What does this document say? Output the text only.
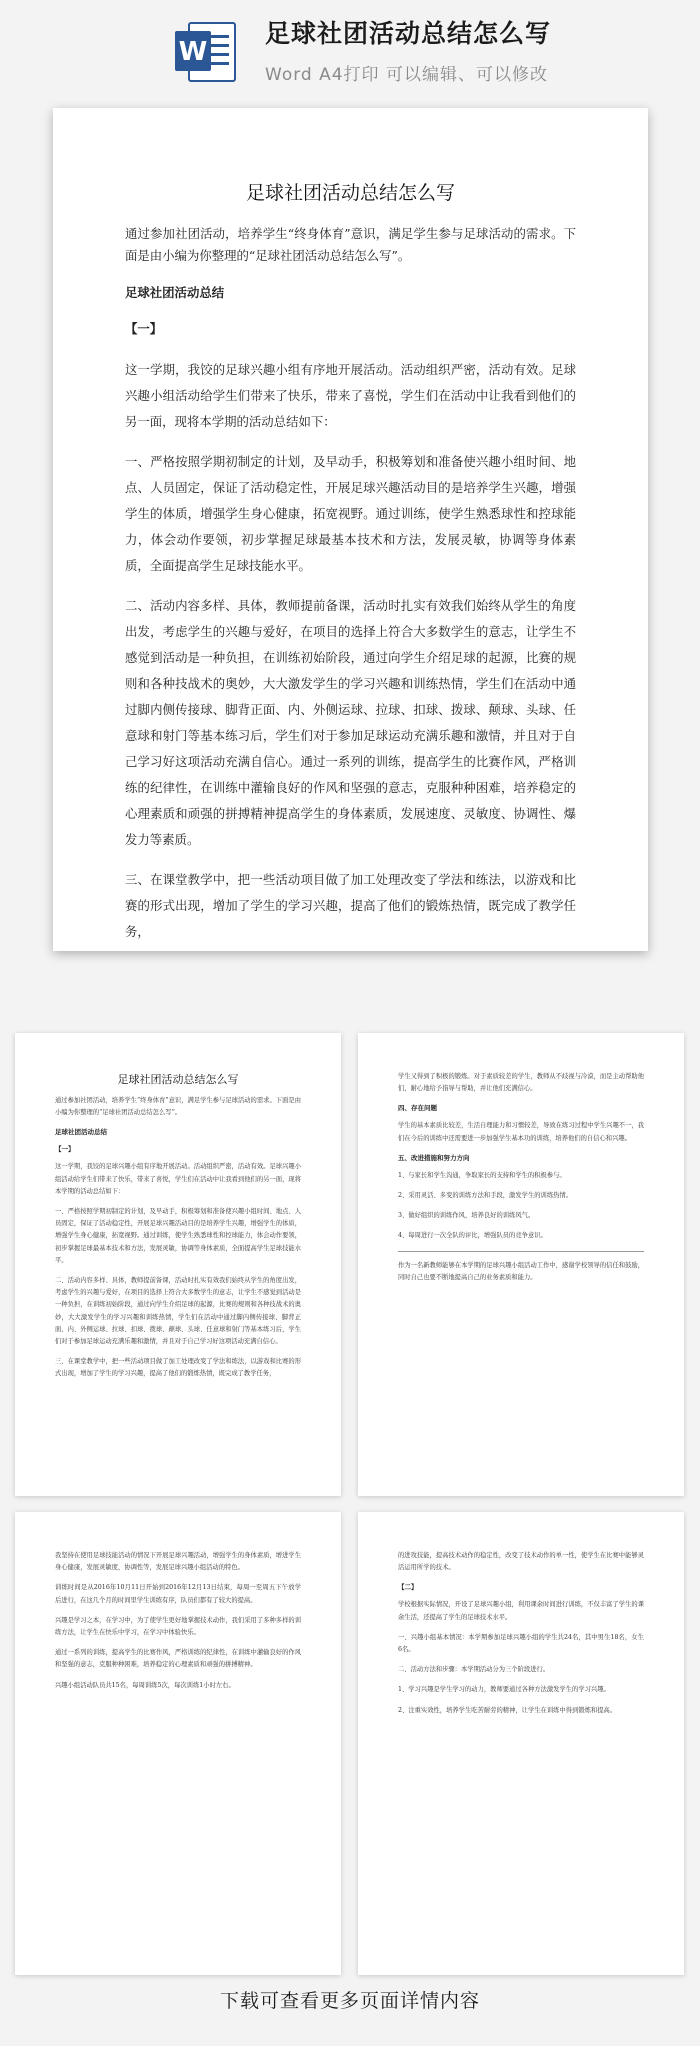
W
足球社团活动总结怎么写
Word A4打印 可以编辑、可以修改
足球社团活动总结怎么写

通过参加社团活动，培养学生“终身体育”意识，满足学生参与足球活动的需求。下面是由小编为你整理的“足球社团活动总结怎么写”。

足球社团活动总结
【一】

这一学期，我饺的足球兴趣小组有序地开展活动。活动组织严密，活动有效。足球兴趣小组活动给学生们带来了快乐，带来了喜悦，学生们在活动中让我看到他们的另一面，现将本学期的活动总结如下：

一、严格按照学期初制定的计划，及早动手，积极筹划和准备使兴趣小组时间、地点、人员固定，保证了活动稳定性，开展足球兴趣活动目的是培养学生兴趣，增强学生的体质，增强学生身心健康，拓宽视野。通过训练，使学生熟悉球性和控球能力，体会动作要领，初步掌握足球最基本技术和方法，发展灵敏，协调等身体素质，全面提高学生足球技能水平。

二、活动内容多样、具体，教师提前备课，活动时扎实有效我们始终从学生的角度出发，考虑学生的兴趣与爱好，在项目的选择上符合大多数学生的意志，让学生不感觉到活动是一种负担，在训练初始阶段，通过向学生介绍足球的起源，比赛的规则和各种技战术的奥妙，大大激发学生的学习兴趣和训练热情，学生们在活动中通过脚内侧传接球、脚背正面、内、外侧运球、拉球、扣球、拨球、颠球、头球、任意球和射门等基本练习后，学生们对于参加足球运动充满乐趣和激情，并且对于自己学习好这项活动充满自信心。通过一系列的训练，提高学生的比赛作风，严格训练的纪律性，在训练中灌输良好的作风和坚强的意志，克服种种困难，培养稳定的心理素质和顽强的拼搏精神提高学生的身体素质，发展速度、灵敏度、协调性、爆发力等素质。

三、在课堂教学中，把一些活动项目做了加工处理改变了学法和练法，以游戏和比赛的形式出现，增加了学生的学习兴趣，提高了他们的锻炼热情，既完成了教学任务，

足球社团活动总结怎么写

通过参加社团活动，培养学生“终身体育”意识，满足学生参与足球活动的需求。下面是由小编为你整理的“足球社团活动总结怎么写”。

足球社团活动总结
【一】

这一学期，我饺的足球兴趣小组有序地开展活动。活动组织严密，活动有效。足球兴趣小组活动给学生们带来了快乐，带来了喜悦，学生们在活动中让我看到他们的另一面，现将本学期的活动总结如下：

一、严格按照学期初制定的计划，及早动手，积极筹划和准备使兴趣小组时间、地点、人员固定，保证了活动稳定性，开展足球兴趣活动目的是培养学生兴趣，增强学生的体质，增强学生身心健康，拓宽视野。通过训练，使学生熟悉球性和控球能力，体会动作要领，初步掌握足球最基本技术和方法，发展灵敏，协调等身体素质，全面提高学生足球技能水平。

二、活动内容多样、具体，教师提前备课，活动时扎实有效我们始终从学生的角度出发，考虑学生的兴趣与爱好，在项目的选择上符合大多数学生的意志，让学生不感觉到活动是一种负担，在训练初始阶段，通过向学生介绍足球的起源，比赛的规则和各种技战术的奥妙，大大激发学生的学习兴趣和训练热情，学生们在活动中通过脚内侧传接球、脚背正面、内、外侧运球、拉球、扣球、拨球、颠球、头球、任意球和射门等基本练习后，学生们对于参加足球运动充满乐趣和激情，并且对于自己学习好这项活动充满自信心。

三、在课堂教学中，把一些活动项目做了加工处理改变了学法和练法，以游戏和比赛的形式出现，增加了学生的学习兴趣，提高了他们的锻炼热情，既完成了教学任务，

学生又得到了积极的锻炼。对于素质较差的学生，教师从不歧视与冷漠，而是主动帮助他们，耐心地给予指导与帮助，并让他们充满信心。

四、存在问题

学生的基本素质比较差，生活自理能力和习惯较差，导致在练习过程中学生兴趣不一，我们在今后的训练中还需要进一步加强学生基本功的训练，培养他们的自信心和兴趣。

五、改进措施和努力方向

1、与家长和学生沟通，争取家长的支持和学生的积极参与。

2、采用灵活、多变的训练方法和手段，激发学生的训练热情。

3、做好组织的训练作风，培养良好的训练风气。

4、每周进行一次全队的评比，增强队员的竞争意识。

作为一名新教师能够在本学期的足球兴趣小组活动工作中，感谢学校领导的信任和鼓励，同时自己也要不断地提高自己的业务素质和能力。

我坚持在使用足球技能活动的情况下开展足球兴趣活动，增强学生的身体素质，增进学生身心健康，发展灵敏度，协调性等，发展足球兴趣小组活动的特色。

训练时间是从2016年10月11日开始到2016年12月13日结束，每周一至周五下午放学后进行，在这几个月的时间里学生训练有序，队员们都有了较大的提高。

兴趣是学习之本，在学习中，为了使学生更好地掌握技术动作，我们采用了多种多样的训练方法，让学生在快乐中学习，在学习中体验快乐。

通过一系列的训练，提高学生的比赛作风，严格训练的纪律性，在训练中灌输良好的作风和坚强的意志，克服种种困难，培养稳定的心理素质和顽强的拼搏精神。

兴趣小组活动队员共15名，每周训练5次，每次训练1小时左右。

的进攻技能，提高技术动作的稳定性，改变了技术动作的单一性，使学生在比赛中能够灵活运用所学的技术。

【二】

学校根据实际情况，开设了足球兴趣小组，利用课余时间进行训练，不仅丰富了学生的课余生活，还提高了学生的足球技术水平。

一、兴趣小组基本情况：本学期参加足球兴趣小组的学生共24名，其中男生18名，女生6名。

二、活动方法和步骤：本学期活动分为三个阶段进行。

1、学习兴趣是学生学习的动力，教师要通过各种方法激发学生的学习兴趣。

2、注重实效性，培养学生吃苦耐劳的精神，让学生在训练中得到锻炼和提高。

下载可查看更多页面详情内容
